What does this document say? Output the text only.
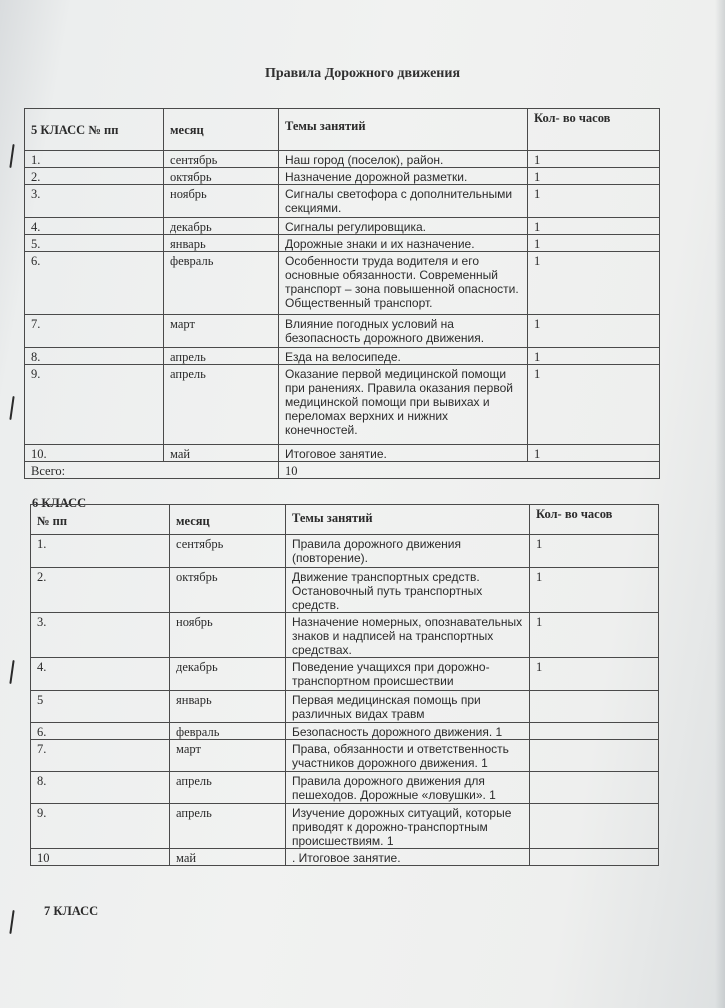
Правила Дорожного движения
5 КЛАСС № пп	месяц	Темы занятий	Кол- во часов
1.	сентябрь	Наш город (поселок), район.	1
2.	октябрь	Назначение дорожной разметки.	1
3.	ноябрь	Сигналы светофора с дополнительными секциями.	1
4.	декабрь	Сигналы регулировщика.	1
5.	январь	Дорожные знаки и их назначение.	1
6.	февраль	Особенности труда водителя и его основные обязанности. Современный транспорт – зона повышенной опасности. Общественный транспорт.	1
7.	март	Влияние погодных условий на безопасность дорожного движения.	1
8.	апрель	Езда на велосипеде.	1
9.	апрель	Оказание первой медицинской помощи при ранениях. Правила оказания первой медицинской помощи при вывихах и переломах верхних и нижних конечностей.	1
10.	май	Итоговое занятие.	1
Всего:		10	
6 КЛАСС
№ пп	месяц	Темы занятий	Кол- во часов
1.	сентябрь	Правила дорожного движения (повторение).	1
2.	октябрь	Движение транспортных средств. Остановочный путь транспортных средств.	1
3.	ноябрь	Назначение номерных, опознавательных знаков и надписей на транспортных средствах.	1
4.	декабрь	Поведение учащихся при дорожно-транспортном происшествии	1
5	январь	Первая медицинская помощь при различных видах травм	
6.	февраль	Безопасность дорожного движения. 1	
7.	март	Права, обязанности и ответственность участников дорожного движения. 1	
8.	апрель	Правила дорожного движения для пешеходов. Дорожные «ловушки». 1	
9.	апрель	Изучение дорожных ситуаций, которые приводят к дорожно-транспортным происшествиям. 1	
10	май	. Итоговое занятие.	
7 КЛАСС
